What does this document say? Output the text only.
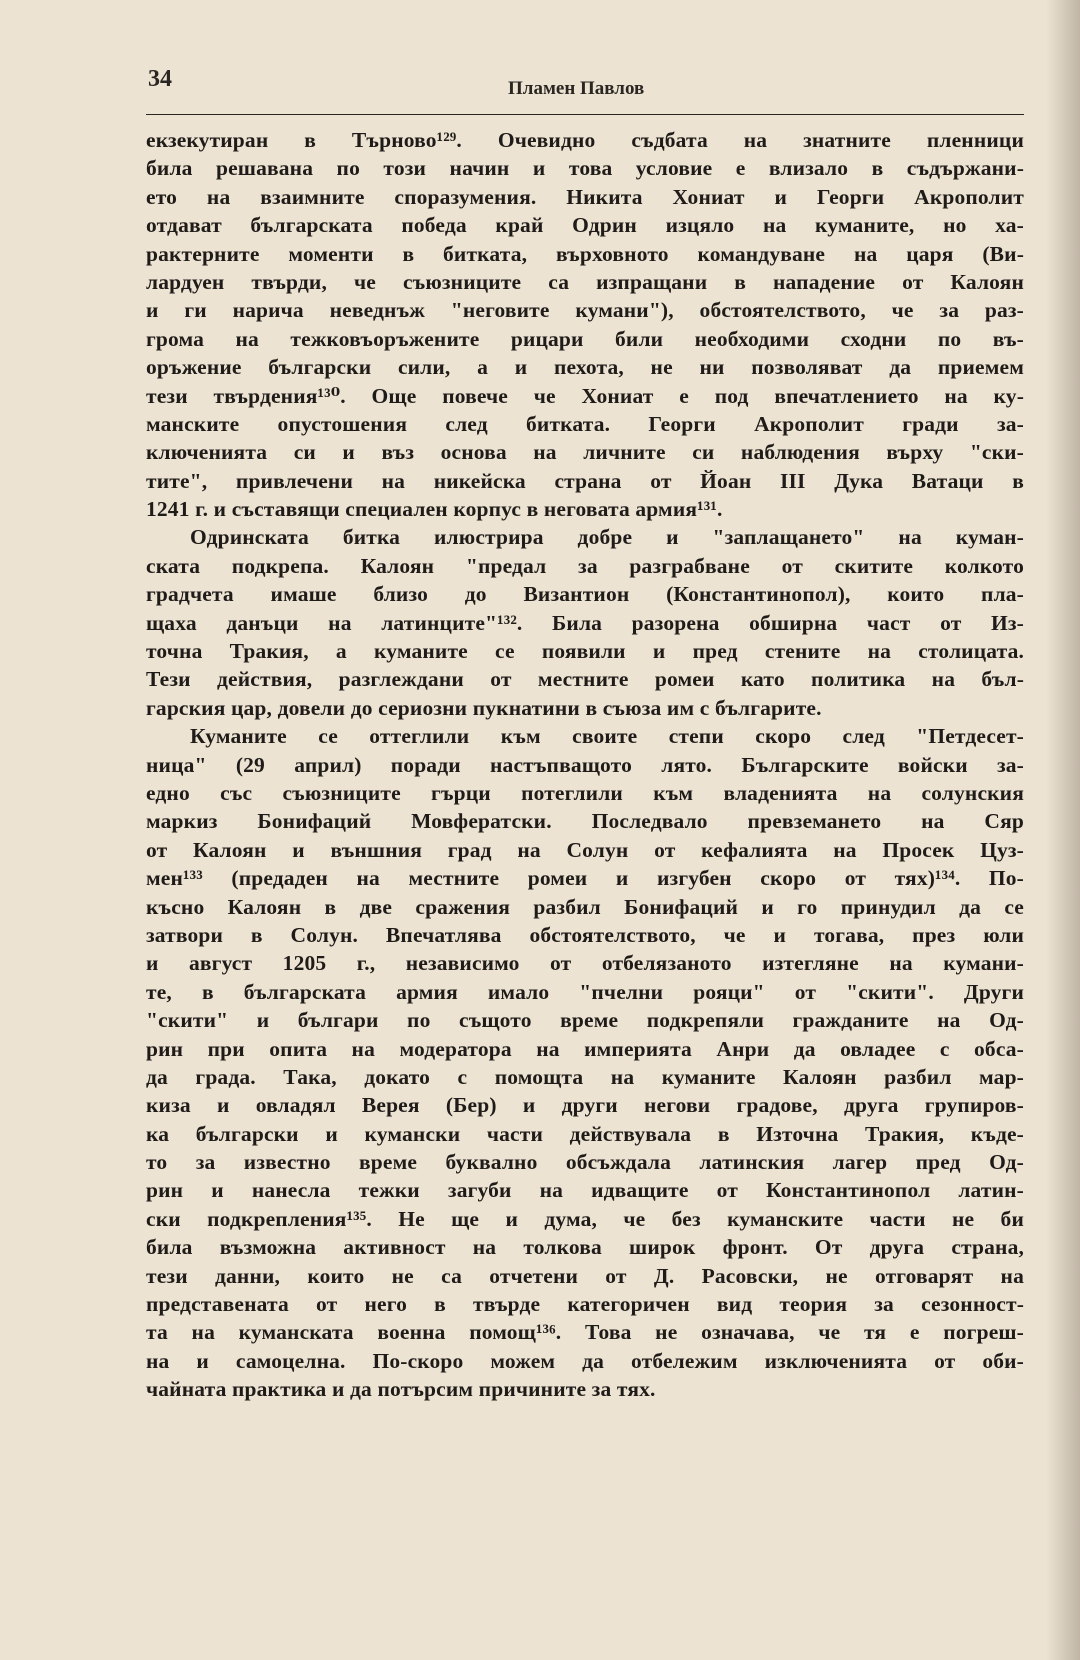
34	Пламен Павлов
екзекутиран в Търново¹²⁹. Очевидно съдбата на знатните пленници
била решавана по този начин и това условие е влизало в съдържани-
ето на взаимните споразумения. Никита Хониат и Георги Акрополит
отдават българската победа край Одрин изцяло на куманите, но ха-
рактерните моменти в битката, върховното командуване на царя (Ви-
лардуен твърди, че съюзниците са изпращани в нападение от Калоян
и ги нарича неведнъж "неговите кумани"), обстоятелството, че за раз-
грома на тежковъоръжените рицари били необходими сходни по въ-
оръжение български сили, а и пехота, не ни позволяват да приемем
тези твърдения¹³⁰. Още повече че Хониат е под впечатлението на ку-
манските опустошения след битката. Георги Акрополит гради за-
ключенията си и въз основа на личните си наблюдения върху "ски-
тите", привлечени на никейска страна от Йоан III Дука Ватаци в
1241 г. и съставящи специален корпус в неговата армия¹³¹.
Одринската битка илюстрира добре и "заплащането" на куман-
ската подкрепа. Калоян "предал за разграбване от скитите колкото
градчета имаше близо до Византион (Константинопол), които пла-
щаха данъци на латинците"¹³². Била разорена обширна част от Из-
точна Тракия, а куманите се появили и пред стените на столицата.
Тези действия, разглеждани от местните ромеи като политика на бъл-
гарския цар, довели до сериозни пукнатини в съюза им с българите.
Куманите се оттеглили към своите степи скоро след "Петдесет-
ница" (29 април) поради настъпващото лято. Българските войски за-
едно със съюзниците гърци потеглили към владенията на солунския
маркиз Бонифаций Мовфератски. Последвало превземането на Сяр
от Калоян и външния град на Солун от кефалията на Просек Цуз-
мен¹³³ (предаден на местните ромеи и изгубен скоро от тях)¹³⁴. По-
късно Калоян в две сражения разбил Бонифаций и го принудил да се
затвори в Солун. Впечатлява обстоятелството, че и тогава, през юли
и август 1205 г., независимо от отбелязаното изтегляне на кумани-
те, в българската армия имало "пчелни рояци" от "скити". Други
"скити" и българи по същото време подкрепяли гражданите на Од-
рин при опита на модератора на империята Анри да овладее с обса-
да града. Така, докато с помощта на куманите Калоян разбил мар-
киза и овладял Верея (Бер) и други негови градове, друга групиров-
ка български и кумански части действувала в Източна Тракия, къде-
то за известно време буквално обсъждала латинския лагер пред Од-
рин и нанесла тежки загуби на идващите от Константинопол латин-
ски подкрепления¹³⁵. Не ще и дума, че без куманските части не би
била възможна активност на толкова широк фронт. От друга страна,
тези данни, които не са отчетени от Д. Расовски, не отговарят на
представената от него в твърде категоричен вид теория за сезонност-
та на куманската военна помощ¹³⁶. Това не означава, че тя е погреш-
на и самоцелна. По-скоро можем да отбележим изключенията от оби-
чайната практика и да потърсим причините за тях.
